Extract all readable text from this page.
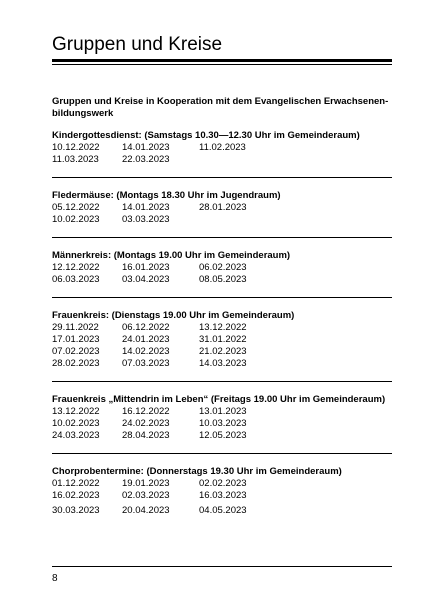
Gruppen und Kreise
Gruppen und Kreise in Kooperation mit dem Evangelischen Erwachsenen-bildungswerk
Kindergottesdienst: (Samstags 10.30—12.30 Uhr im Gemeinderaum)
10.12.2022	14.01.2023	11.02.2023
11.03.2023	22.03.2023
Fledermäuse: (Montags 18.30 Uhr im Jugendraum)
05.12.2022	14.01.2023	28.01.2023
10.02.2023	03.03.2023
Männerkreis: (Montags 19.00 Uhr im Gemeinderaum)
12.12.2022	16.01.2023	06.02.2023
06.03.2023	03.04.2023	08.05.2023
Frauenkreis: (Dienstags 19.00 Uhr im Gemeinderaum)
29.11.2022	06.12.2022	13.12.2022
17.01.2023	24.01.2023	31.01.2022
07.02.2023	14.02.2023	21.02.2023
28.02.2023	07.03.2023	14.03.2023
Frauenkreis „Mittendrin im Leben“ (Freitags 19.00 Uhr im Gemeinderaum)
13.12.2022	16.12.2022	13.01.2023
10.02.2023	24.02.2023	10.03.2023
24.03.2023	28.04.2023	12.05.2023
Chorprobentermine: (Donnerstags 19.30 Uhr im Gemeinderaum)
01.12.2022	19.01.2023	02.02.2023
16.02.2023	02.03.2023	16.03.2023
30.03.2023	20.04.2023	04.05.2023
8
